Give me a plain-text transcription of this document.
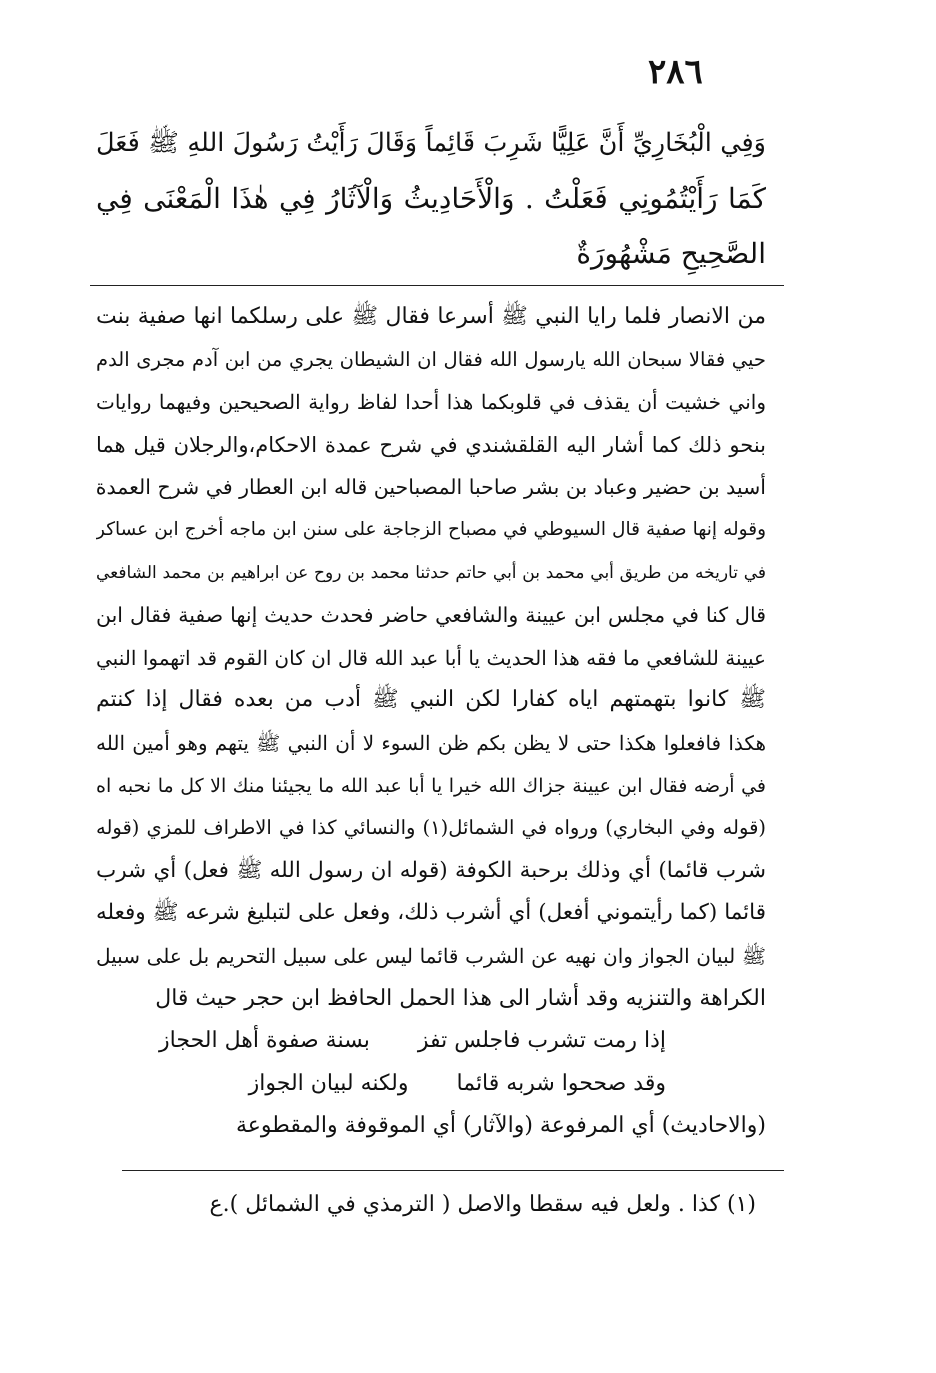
٢٨٦
وَفِي الْبُخَارِيِّ أَنَّ عَلِيًّا شَرِبَ قَائِماً وَقَالَ رَأَيْتُ رَسُولَ اللهِ ﷺ فَعَلَ
كَمَا رَأَيْتُمُونِي فَعَلْتُ . وَالْأَحَادِيثُ وَالْآثَارُ فِي هٰذَا الْمَعْنَى فِي
الصَّحِيحِ مَشْهُورَةٌ
من الانصار فلما رايا النبي ﷺ أسرعا فقال ﷺ على رسلكما انها صفية بنت
حيي فقالا سبحان الله يارسول الله فقال ان الشيطان يجري من ابن آدم مجرى الدم
واني خشيت أن يقذف في قلوبكما هذا أحدا لفاظ رواية الصحيحين وفيهما روايات
بنحو ذلك كما أشار اليه القلقشندي في شرح عمدة الاحكام،والرجلان قيل هما
أسيد بن حضير وعباد بن بشر صاحبا المصباحين قاله ابن العطار في شرح العمدة
وقوله إنها صفية قال السيوطي في مصباح الزجاجة على سنن ابن ماجه أخرج ابن عساكر
في تاريخه من طريق أبي محمد بن أبي حاتم حدثنا محمد بن روح عن ابراهيم بن محمد الشافعي
قال كنا في مجلس ابن عيينة والشافعي حاضر فحدث حديث إنها صفية فقال ابن
عيينة للشافعي ما فقه هذا الحديث يا أبا عبد الله قال ان كان القوم قد اتهموا النبي
ﷺ كانوا بتهمتهم اياه كفارا لكن النبي ﷺ أدب من بعده فقال إذا كنتم
هكذا فافعلوا هكذا حتى لا يظن بكم ظن السوء لا أن النبي ﷺ يتهم وهو أمين الله
في أرضه فقال ابن عيينة جزاك الله خيرا يا أبا عبد الله ما يجيئنا منك الا كل ما نحبه اه
(قوله وفي البخاري) ورواه في الشمائل(١) والنسائي كذا في الاطراف للمزي (قوله
شرب قائما) أي وذلك برحبة الكوفة (قوله ان رسول الله ﷺ فعل) أي شرب
قائما (كما رأيتموني أفعل) أي أشرب ذلك، وفعل على لتبليغ شرعه ﷺ وفعله
ﷺ لبيان الجواز وان نهيه عن الشرب قائما ليس على سبيل التحريم بل على سبيل
الكراهة والتنزيه وقد أشار الى هذا الحمل الحافظ ابن حجر حيث قال
إذا رمت تشرب فاجلس تفزبسنة صفوة أهل الحجاز
وقد صححوا شربه قائماولكنه لبيان الجواز
(والاحاديث) أي المرفوعة (والآثار) أي الموقوفة والمقطوعة
(١) كذا . ولعل فيه سقطا والاصل ( الترمذي في الشمائل ).ع
